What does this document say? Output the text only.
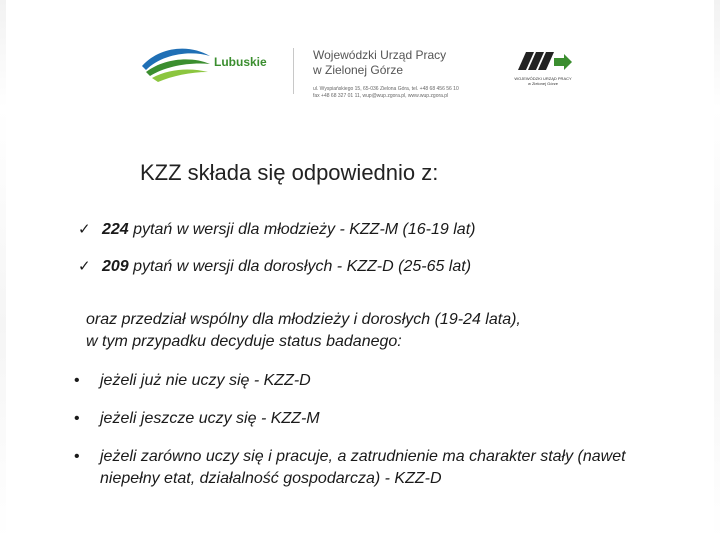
Lubuskie	Wojewódzki Urząd Pracy
w Zielonej Górze
ul. Wyspiańskiego 15, 65-036 Zielona Góra, tel. +48 68 456 56 10
fax +48 68 327 01 11, wup@wup.zgora.pl, www.wup.zgora.pl
WOJEWÓDZKI URZĄD PRACY
w Zielonej Górze
KZZ składa się odpowiednio z:
✓ 224 pytań w wersji dla młodzieży - KZZ-M (16-19 lat)
✓ 209 pytań w wersji dla dorosłych - KZZ-D (25-65 lat)
oraz przedział wspólny dla młodzieży i dorosłych (19-24 lata),
w tym przypadku decyduje status badanego:
• jeżeli już nie uczy się - KZZ-D
• jeżeli jeszcze uczy się - KZZ-M
• jeżeli zarówno uczy się i pracuje, a zatrudnienie ma charakter stały (nawet niepełny etat, działalność gospodarcza) - KZZ-D
